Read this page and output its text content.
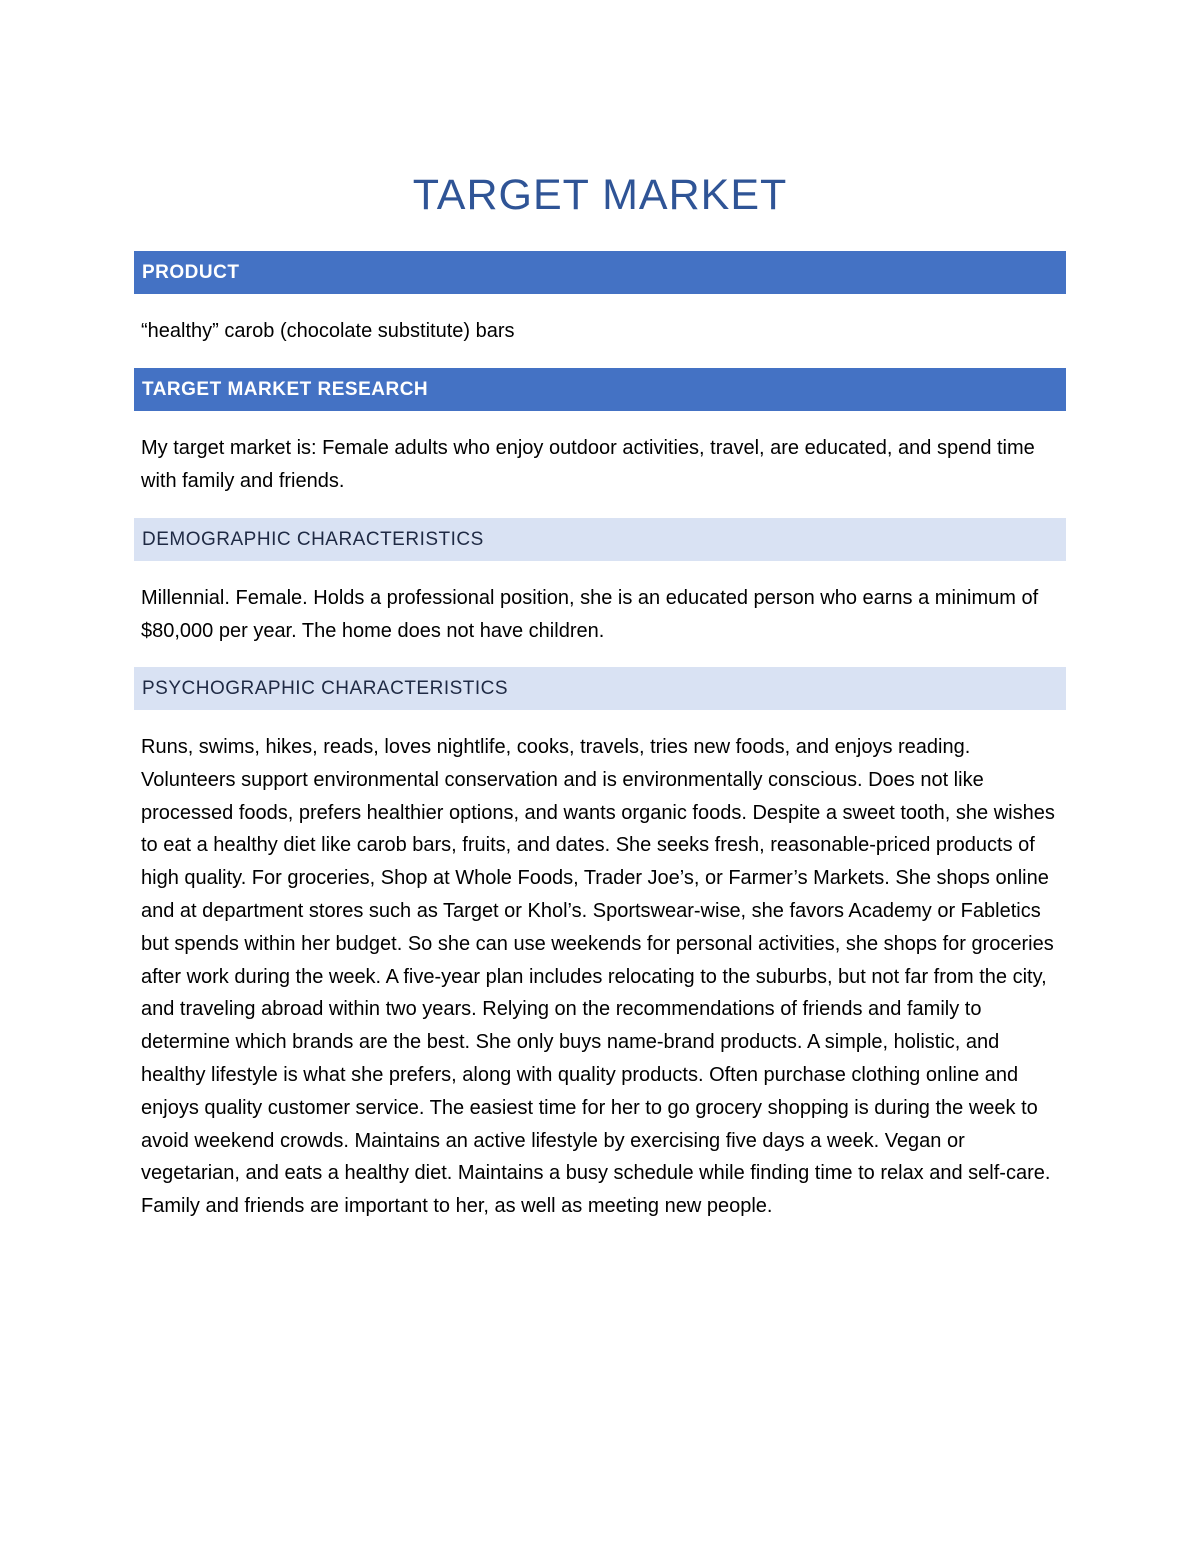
TARGET MARKET
PRODUCT

“healthy” carob (chocolate substitute) bars

TARGET MARKET RESEARCH

My target market is: Female adults who enjoy outdoor activities, travel, are educated, and spend time with family and friends.

DEMOGRAPHIC CHARACTERISTICS

Millennial. Female. Holds a professional position, she is an educated person who earns a minimum of $80,000 per year. The home does not have children.

PSYCHOGRAPHIC CHARACTERISTICS

Runs, swims, hikes, reads, loves nightlife, cooks, travels, tries new foods, and enjoys reading. Volunteers support environmental conservation and is environmentally conscious. Does not like processed foods, prefers healthier options, and wants organic foods. Despite a sweet tooth, she wishes to eat a healthy diet like carob bars, fruits, and dates. She seeks fresh, reasonable-priced products of high quality. For groceries, Shop at Whole Foods, Trader Joe’s, or Farmer’s Markets. She shops online and at department stores such as Target or Khol’s. Sportswear-wise, she favors Academy or Fabletics but spends within her budget. So she can use weekends for personal activities, she shops for groceries after work during the week. A five-year plan includes relocating to the suburbs, but not far from the city, and traveling abroad within two years. Relying on the recommendations of friends and family to determine which brands are the best. She only buys name-brand products. A simple, holistic, and healthy lifestyle is what she prefers, along with quality products. Often purchase clothing online and enjoys quality customer service. The easiest time for her to go grocery shopping is during the week to avoid weekend crowds. Maintains an active lifestyle by exercising five days a week. Vegan or vegetarian, and eats a healthy diet. Maintains a busy schedule while finding time to relax and self-care. Family and friends are important to her, as well as meeting new people.
